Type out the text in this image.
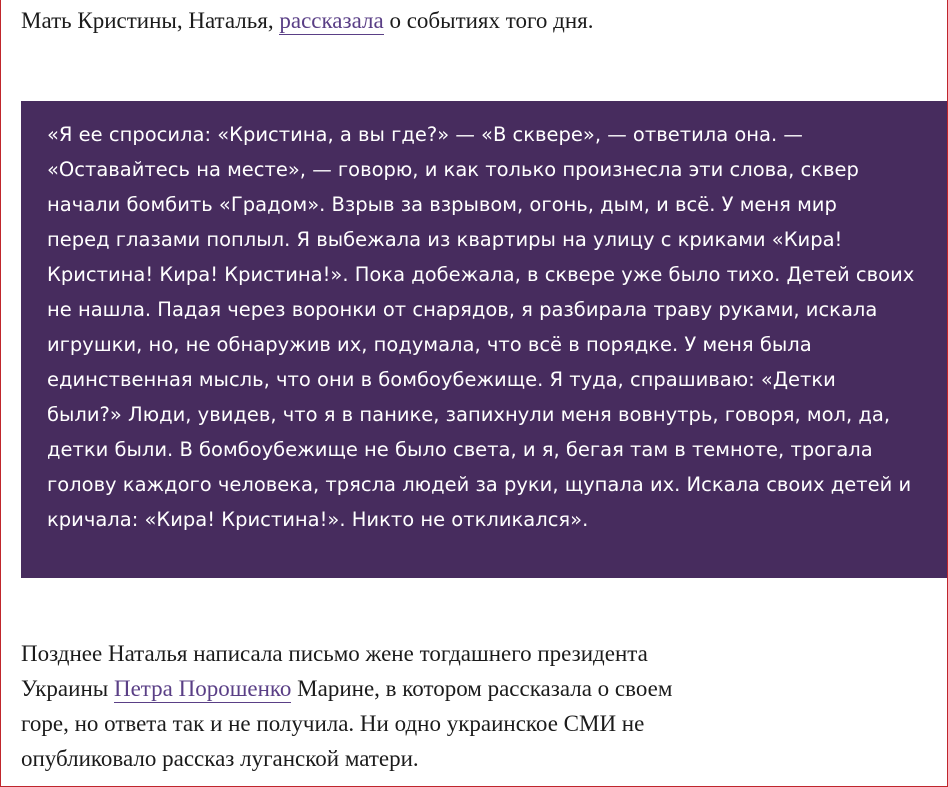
Мать Кристины, Наталья, рассказала о событиях того дня.

«Я ее спросила: «Кристина, а вы где?» — «В сквере», — ответила она. —
«Оставайтесь на месте», — говорю, и как только произнесла эти слова, сквер
начали бомбить «Градом». Взрыв за взрывом, огонь, дым, и всё. У меня мир
перед глазами поплыл. Я выбежала из квартиры на улицу с криками «Кира!
Кристина! Кира! Кристина!». Пока добежала, в сквере уже было тихо. Детей своих
не нашла. Падая через воронки от снарядов, я разбирала траву руками, искала
игрушки, но, не обнаружив их, подумала, что всё в порядке. У меня была
единственная мысль, что они в бомбоубежище. Я туда, спрашиваю: «Детки
были?» Люди, увидев, что я в панике, запихнули меня вовнутрь, говоря, мол, да,
детки были. В бомбоубежище не было света, и я, бегая там в темноте, трогала
голову каждого человека, трясла людей за руки, щупала их. Искала своих детей и
кричала: «Кира! Кристина!». Никто не откликался».

Позднее Наталья написала письмо жене тогдашнего президента
Украины Петра Порошенко Марине, в котором рассказала о своем
горе, но ответа так и не получила. Ни одно украинское СМИ не
опубликовало рассказ луганской матери.
